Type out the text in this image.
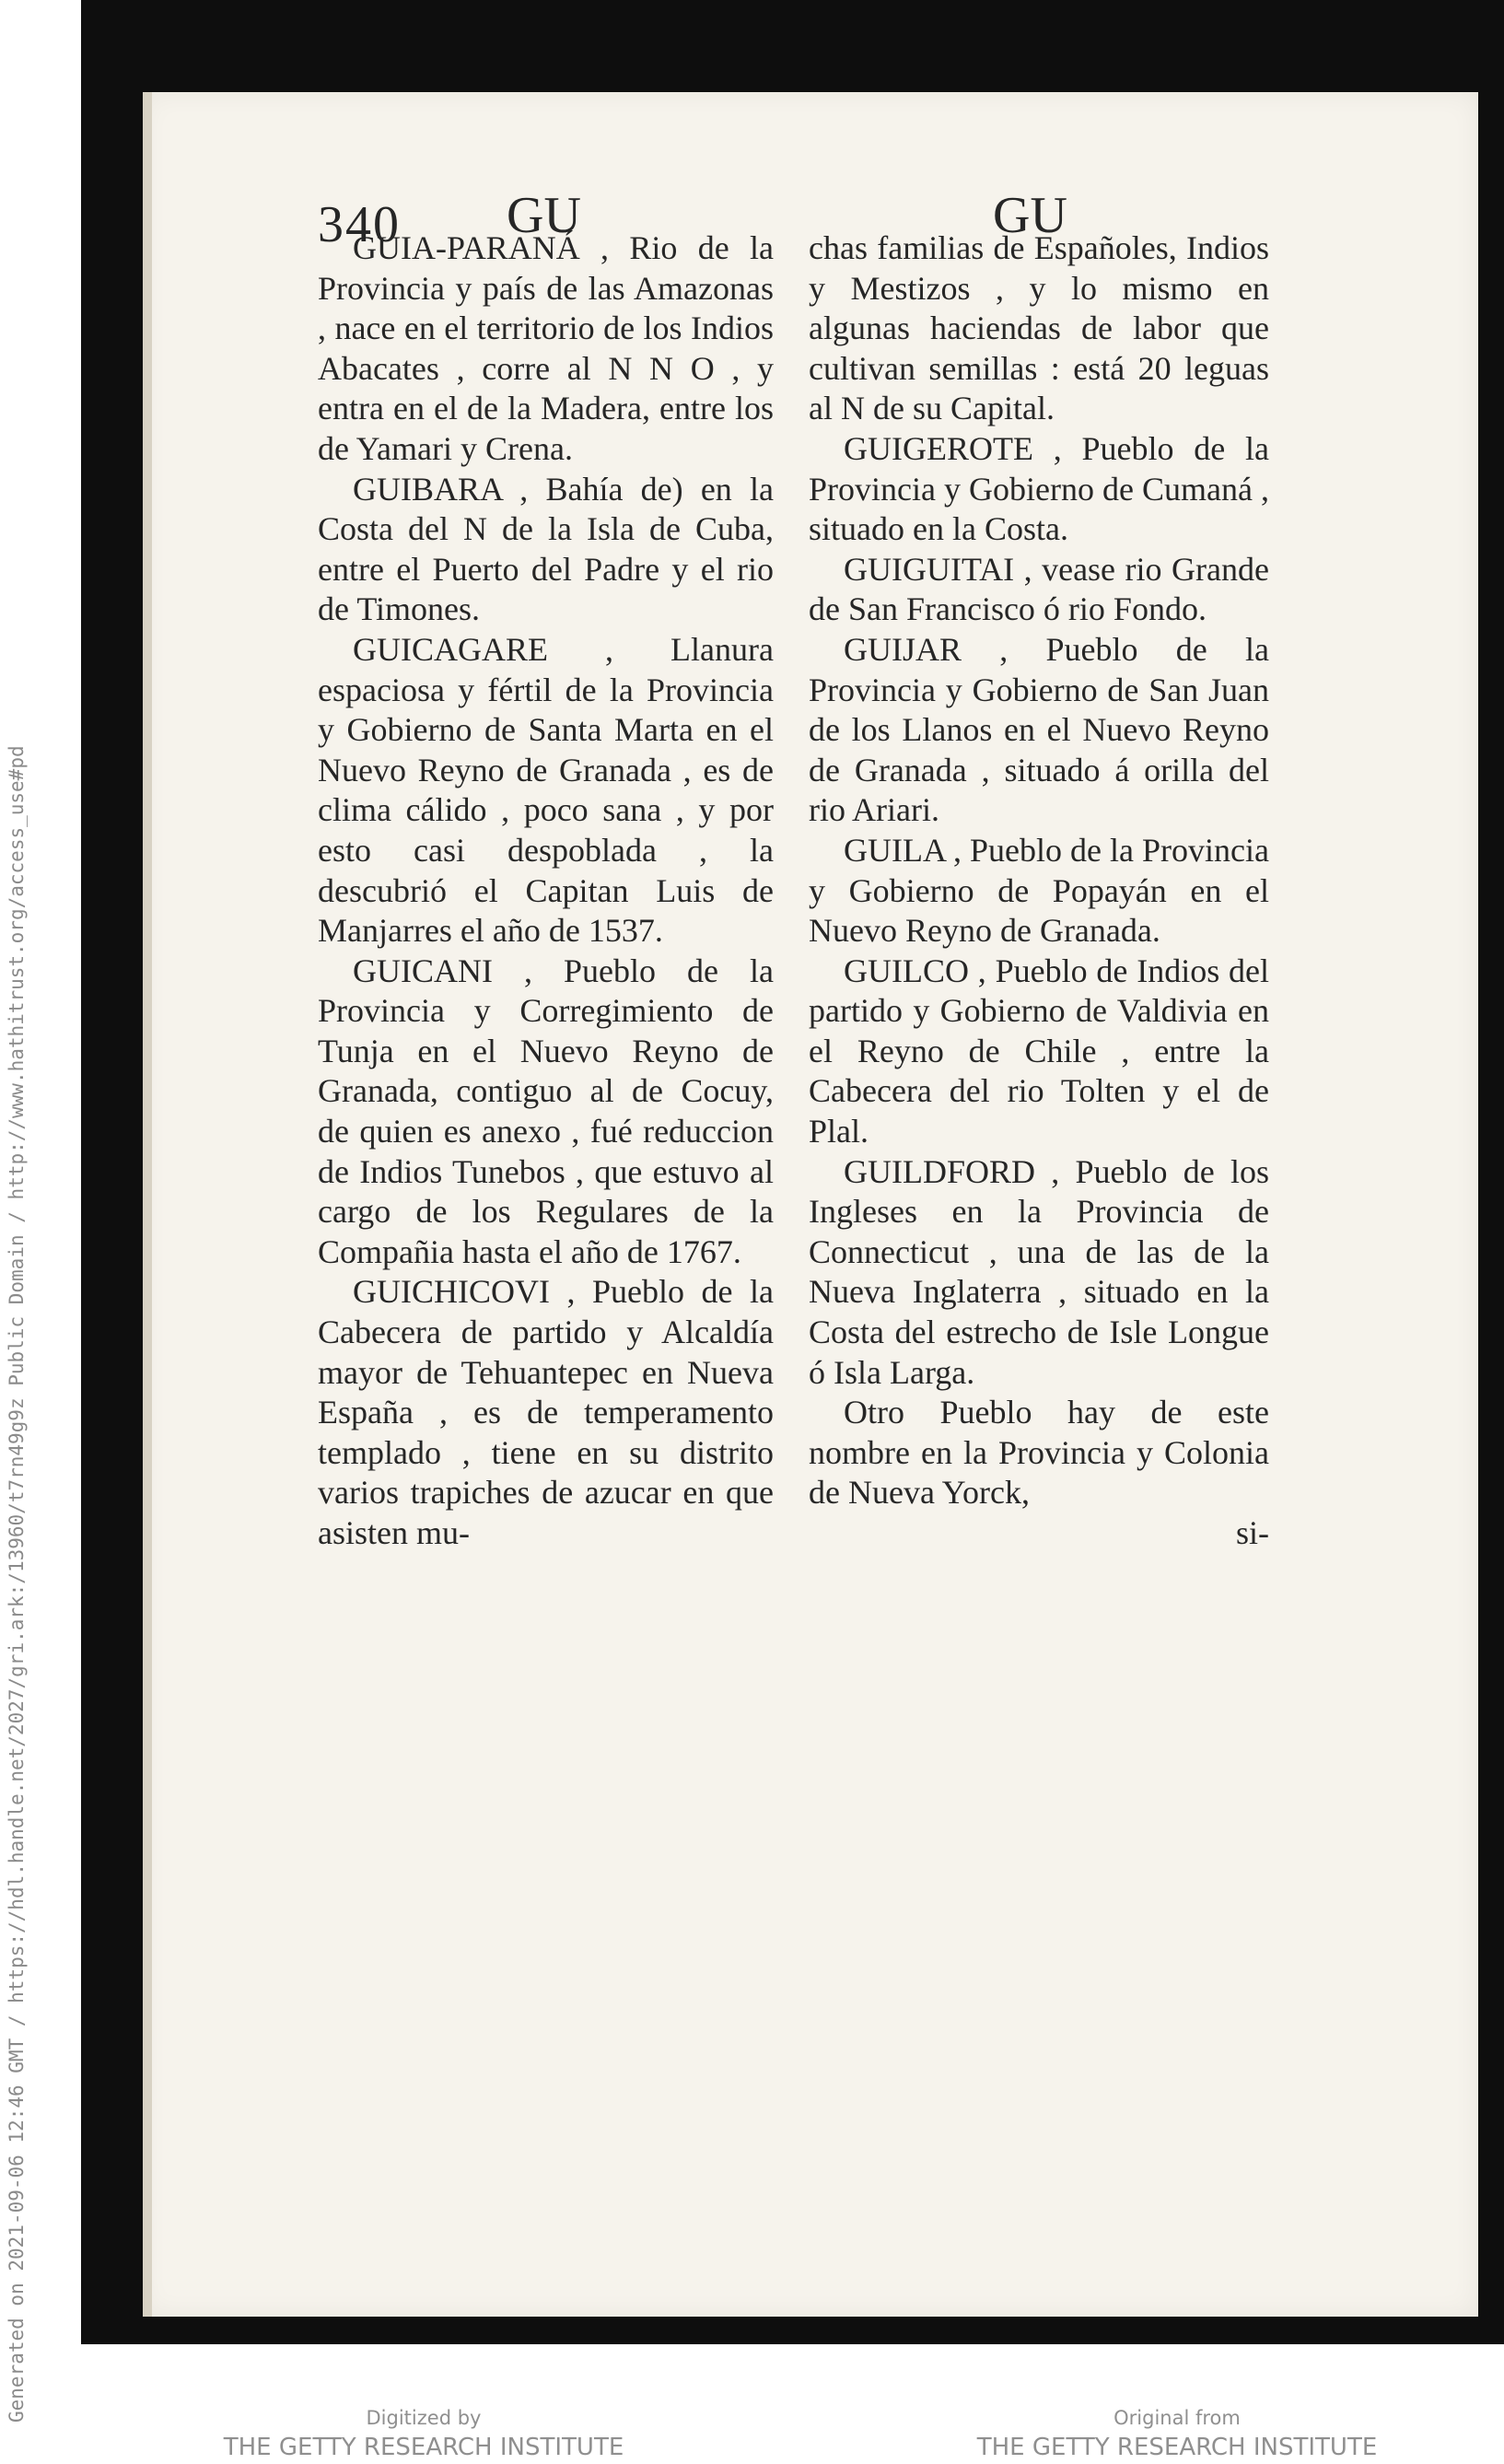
Generated on 2021-09-06 12:46 GMT / https://hdl.handle.net/2027/gri.ark:/13960/t7rn49g9z Public Domain / http://www.hathitrust.org/access_use#pd
340 GU	GU

GUIA-PARANÁ , Rio de la Provincia y país de las Amazonas , nace en el territorio de los Indios Abacates , corre al N N O , y entra en el de la Madera, entre los de Yamari y Crena.

GUIBARA , Bahía de) en la Costa del N de la Isla de Cuba, entre el Puerto del Padre y el rio de Timones.

GUICAGARE , Llanura espaciosa y fértil de la Provincia y Gobierno de Santa Marta en el Nuevo Reyno de Granada , es de clima cálido , poco sana , y por esto casi despoblada , la descubrió el Capitan Luis de Manjarres el año de 1537.

GUICANI , Pueblo de la Provincia y Corregimiento de Tunja en el Nuevo Reyno de Granada, contiguo al de Cocuy, de quien es anexo , fué reduccion de Indios Tunebos , que estuvo al cargo de los Regulares de la Compañia hasta el año de 1767.

GUICHICOVI , Pueblo de la Cabecera de partido y Alcaldía mayor de Tehuantepec en Nueva España , es de temperamento templado , tiene en su distrito varios trapiches de azucar en que asisten mu-

chas familias de Españoles, Indios y Mestizos , y lo mismo en algunas haciendas de labor que cultivan semillas : está 20 leguas al N de su Capital.

GUIGEROTE , Pueblo de la Provincia y Gobierno de Cumaná , situado en la Costa.

GUIGUITAI , vease rio Grande de San Francisco ó rio Fondo.

GUIJAR , Pueblo de la Provincia y Gobierno de San Juan de los Llanos en el Nuevo Reyno de Granada , situado á orilla del rio Ariari.

GUILA , Pueblo de la Provincia y Gobierno de Popayán en el Nuevo Reyno de Granada.

GUILCO , Pueblo de Indios del partido y Gobierno de Valdivia en el Reyno de Chile , entre la Cabecera del rio Tolten y el de Plal.

GUILDFORD , Pueblo de los Ingleses en la Provincia de Connecticut , una de las de la Nueva Inglaterra , situado en la Costa del estrecho de Isle Longue ó Isla Larga.

Otro Pueblo hay de este nombre en la Provincia y Colonia de Nueva Yorck,

si-
Digitized by
THE GETTY RESEARCH INSTITUTE
Original from
THE GETTY RESEARCH INSTITUTE
